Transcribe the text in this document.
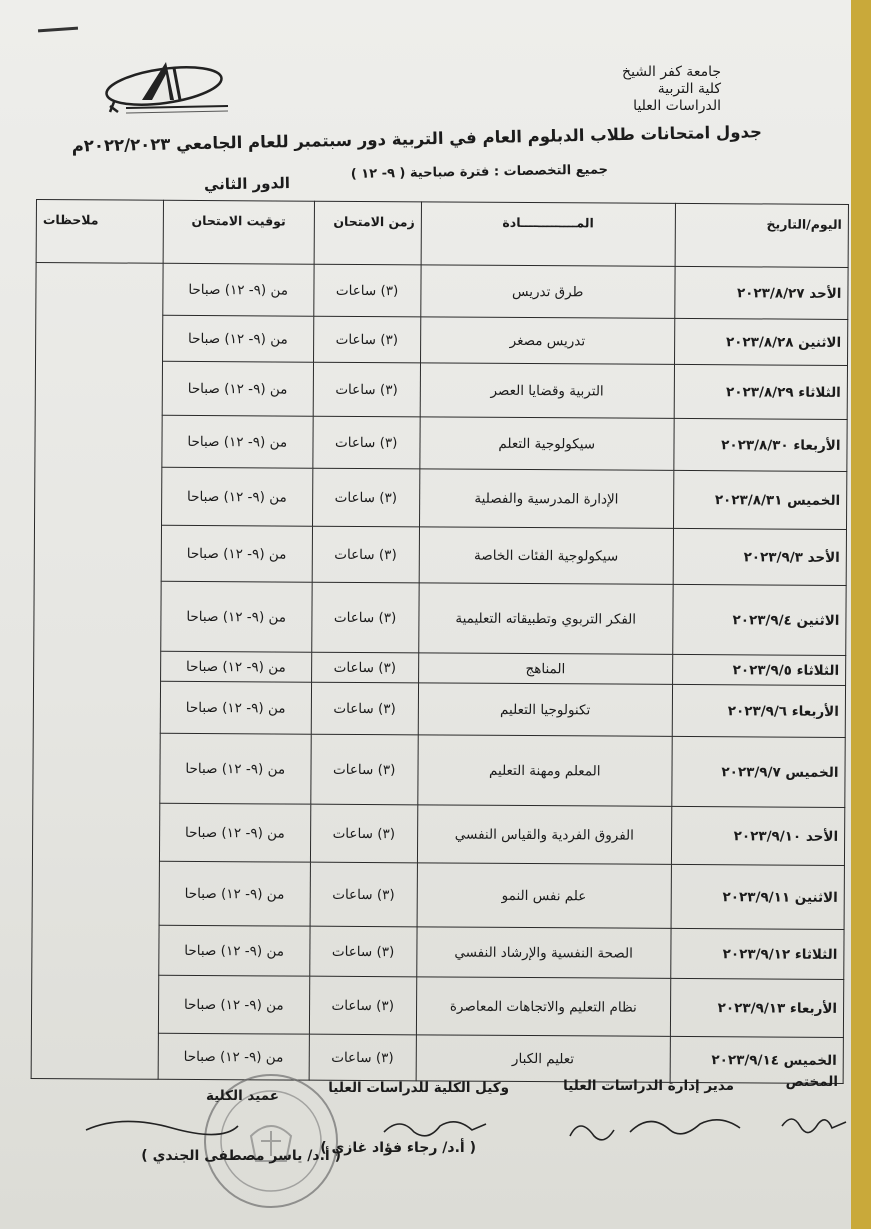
جامعة كفر الشيخ
كلية التربية
الدراسات العليا
جدول امتحانات طلاب الدبلوم العام في التربية دور سبتمبر للعام الجامعي ٢٠٢٢/٢٠٢٣م
جميع التخصصات : فترة صباحية ( ٩- ١٢ )
الدور الثاني
اليوم/التاريخ	المـــــــــــــادة	زمن الامتحان	توقيت الامتحان	ملاحظات
الأحد ٢٠٢٣/٨/٢٧	طرق تدريس	(٣) ساعات	من (٩- ١٢) صباحا	
الاثنين ٢٠٢٣/٨/٢٨	تدريس مصغر	(٣) ساعات	من (٩- ١٢) صباحا	
الثلاثاء ٢٠٢٣/٨/٢٩	التربية وقضايا العصر	(٣) ساعات	من (٩- ١٢) صباحا	
الأربعاء ٢٠٢٣/٨/٣٠	سيكولوجية التعلم	(٣) ساعات	من (٩- ١٢) صباحا	
الخميس ٢٠٢٣/٨/٣١	الإدارة المدرسية والفصلية	(٣) ساعات	من (٩- ١٢) صباحا	
الأحد ٢٠٢٣/٩/٣	سيكولوجية الفئات الخاصة	(٣) ساعات	من (٩- ١٢) صباحا	
الاثنين ٢٠٢٣/٩/٤	الفكر التربوي وتطبيقاته التعليمية	(٣) ساعات	من (٩- ١٢) صباحا	
الثلاثاء ٢٠٢٣/٩/٥	المناهج	(٣) ساعات	من (٩- ١٢) صباحا	
الأربعاء ٢٠٢٣/٩/٦	تكنولوجيا التعليم	(٣) ساعات	من (٩- ١٢) صباحا	
الخميس ٢٠٢٣/٩/٧	المعلم ومهنة التعليم	(٣) ساعات	من (٩- ١٢) صباحا	
الأحد ٢٠٢٣/٩/١٠	الفروق الفردية والقياس النفسي	(٣) ساعات	من (٩- ١٢) صباحا	
الاثنين ٢٠٢٣/٩/١١	علم نفس النمو	(٣) ساعات	من (٩- ١٢) صباحا	
الثلاثاء ٢٠٢٣/٩/١٢	الصحة النفسية والإرشاد النفسي	(٣) ساعات	من (٩- ١٢) صباحا	
الأربعاء ٢٠٢٣/٩/١٣	نظام التعليم والاتجاهات المعاصرة	(٣) ساعات	من (٩- ١٢) صباحا	
الخميس ٢٠٢٣/٩/١٤	تعليم الكبار	(٣) ساعات	من (٩- ١٢) صباحا	
المختص
مدير إدارة الدراسات العليا
وكيل الكلية للدراسات العليا
عميد الكلية
( أ.د/ رجاء فؤاد غازي )
( أ.د/ ياسر مصطفى الجندي )
